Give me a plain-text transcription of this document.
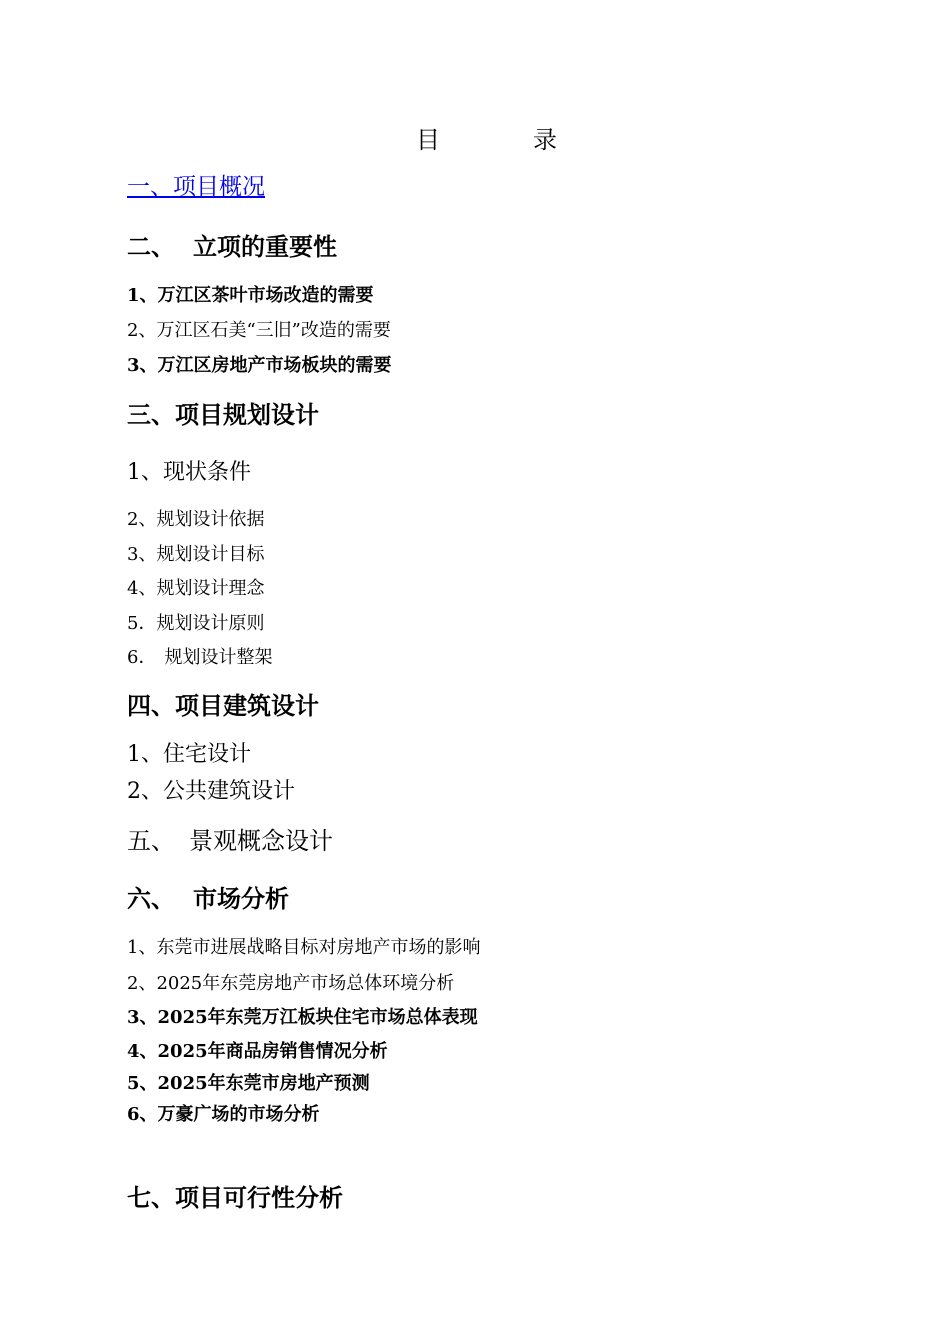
目	录
一、项目概况
二、 立项的重要性
1、万江区茶叶市场改造的需要
2、万江区石美“三旧”改造的需要
3、万江区房地产市场板块的需要
三、项目规划设计
1、现状条件
2、规划设计依据
3、规划设计目标
4、规划设计理念
5．规划设计原则
6． 规划设计整架
四、项目建筑设计
1、住宅设计
2、公共建筑设计
五、 景观概念设计
六、 市场分析
1、东莞市进展战略目标对房地产市场的影响
2、2025年东莞房地产市场总体环境分析
3、2025年东莞万江板块住宅市场总体表现
4、2025年商品房销售情况分析
5、2025年东莞市房地产预测
6、万豪广场的市场分析
七、项目可行性分析
